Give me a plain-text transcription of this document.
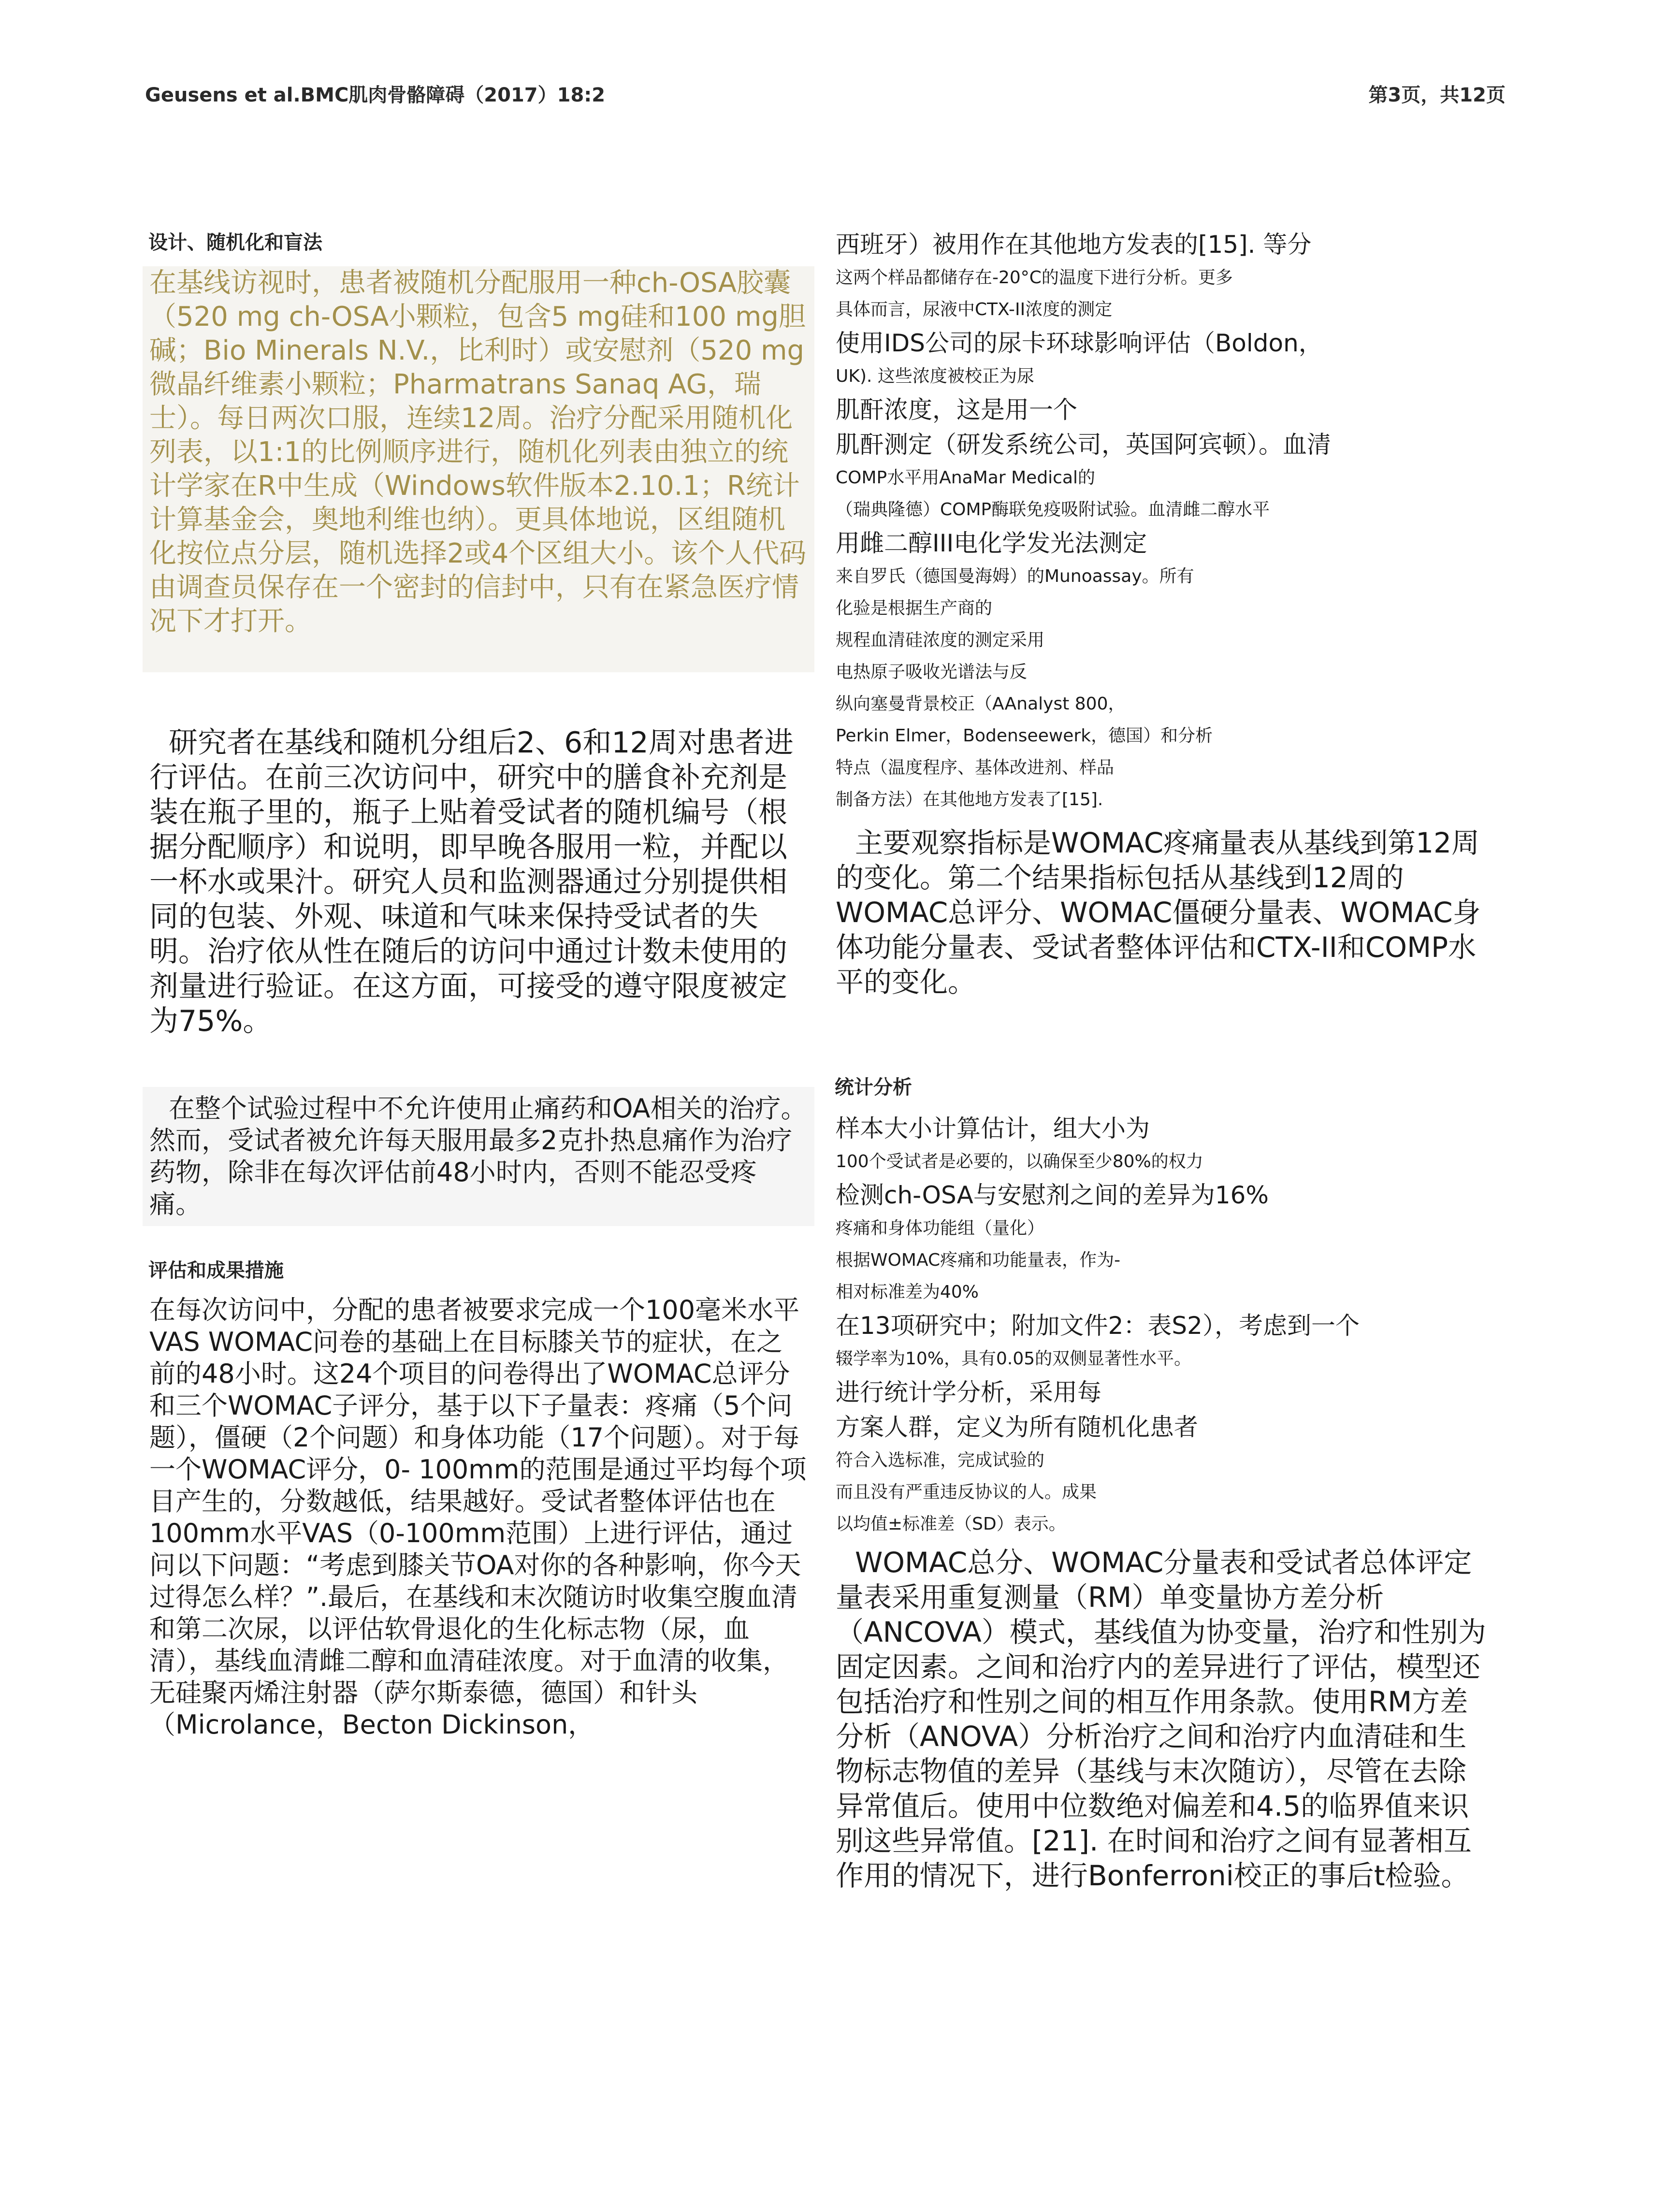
Geusens et al.BMC肌肉骨骼障碍（2017）18:2	第3页，共12页
设计、随机化和盲法
在基线访视时，患者被随机分配服用一种ch-OSA胶囊（520 mg ch-OSA小颗粒，包含5 mg硅和100 mg胆碱；Bio Minerals N.V.，比利时）或安慰剂（520 mg微晶纤维素小颗粒；Pharmatrans Sanaq AG，瑞士）。每日两次口服，连续12周。治疗分配采用随机化列表，以1:1的比例顺序进行，随机化列表由独立的统计学家在R中生成（Windows软件版本2.10.1；R统计计算基金会，奥地利维也纳）。更具体地说，区组随机化按位点分层，随机选择2或4个区组大小。该个人代码由调查员保存在一个密封的信封中，只有在紧急医疗情况下才打开。
研究者在基线和随机分组后2、6和12周对患者进行评估。在前三次访问中，研究中的膳食补充剂是装在瓶子里的，瓶子上贴着受试者的随机编号（根据分配顺序）和说明，即早晚各服用一粒，并配以一杯水或果汁。研究人员和监测器通过分别提供相同的包装、外观、味道和气味来保持受试者的失明。治疗依从性在随后的访问中通过计数未使用的剂量进行验证。在这方面，可接受的遵守限度被定为75%。
在整个试验过程中不允许使用止痛药和OA相关的治疗。然而，受试者被允许每天服用最多2克扑热息痛作为治疗药物，除非在每次评估前48小时内，否则不能忍受疼痛。
评估和成果措施
在每次访问中，分配的患者被要求完成一个100毫米水平VAS WOMAC问卷的基础上在目标膝关节的症状，在之前的48小时。这24个项目的问卷得出了WOMAC总评分和三个WOMAC子评分，基于以下子量表：疼痛（5个问题），僵硬（2个问题）和身体功能（17个问题）。对于每一个WOMAC评分，0- 100mm的范围是通过平均每个项目产生的，分数越低，结果越好。受试者整体评估也在100mm水平VAS（0-100mm范围）上进行评估，通过问以下问题：“考虑到膝关节OA对你的各种影响，你今天过得怎么样？”.最后，在基线和末次随访时收集空腹血清和第二次尿，以评估软骨退化的生化标志物（尿，血清），基线血清雌二醇和血清硅浓度。对于血清的收集，无硅聚丙烯注射器（萨尔斯泰德，德国）和针头（Microlance，Becton Dickinson，
西班牙）被用作在其他地方发表的[15]. 等分
这两个样品都储存在-20°C的温度下进行分析。更多
具体而言，尿液中CTX-II浓度的测定
使用IDS公司的尿卡环球影响评估（Boldon，
UK). 这些浓度被校正为尿
肌酐浓度，这是用一个
肌酐测定（研发系统公司，英国阿宾顿）。血清
COMP水平用AnaMar Medical的
（瑞典隆德）COMP酶联免疫吸附试验。血清雌二醇水平
用雌二醇III电化学发光法测定
来自罗氏（德国曼海姆）的Munoassay。所有
化验是根据生产商的
规程血清硅浓度的测定采用
电热原子吸收光谱法与反
纵向塞曼背景校正（AAnalyst 800，
Perkin Elmer，Bodenseewerk，德国）和分析
特点（温度程序、基体改进剂、样品
制备方法）在其他地方发表了[15].
主要观察指标是WOMAC疼痛量表从基线到第12周的变化。第二个结果指标包括从基线到12周的WOMAC总评分、WOMAC僵硬分量表、WOMAC身体功能分量表、受试者整体评估和CTX-II和COMP水平的变化。
统计分析
样本大小计算估计，组大小为
100个受试者是必要的，以确保至少80%的权力
检测ch-OSA与安慰剂之间的差异为16%
疼痛和身体功能组（量化）
根据WOMAC疼痛和功能量表，作为-
相对标准差为40%
在13项研究中；附加文件2：表S2），考虑到一个
辍学率为10%，具有0.05的双侧显著性水平。
进行统计学分析，采用每
方案人群，定义为所有随机化患者
符合入选标准，完成试验的
而且没有严重违反协议的人。成果
以均值±标准差（SD）表示。
WOMAC总分、WOMAC分量表和受试者总体评定量表采用重复测量（RM）单变量协方差分析（ANCOVA）模式，基线值为协变量，治疗和性别为固定因素。之间和治疗内的差异进行了评估，模型还包括治疗和性别之间的相互作用条款。使用RM方差分析（ANOVA）分析治疗之间和治疗内血清硅和生物标志物值的差异（基线与末次随访），尽管在去除异常值后。使用中位数绝对偏差和4.5的临界值来识别这些异常值。[21]. 在时间和治疗之间有显著相互作用的情况下，进行Bonferroni校正的事后t检验。
